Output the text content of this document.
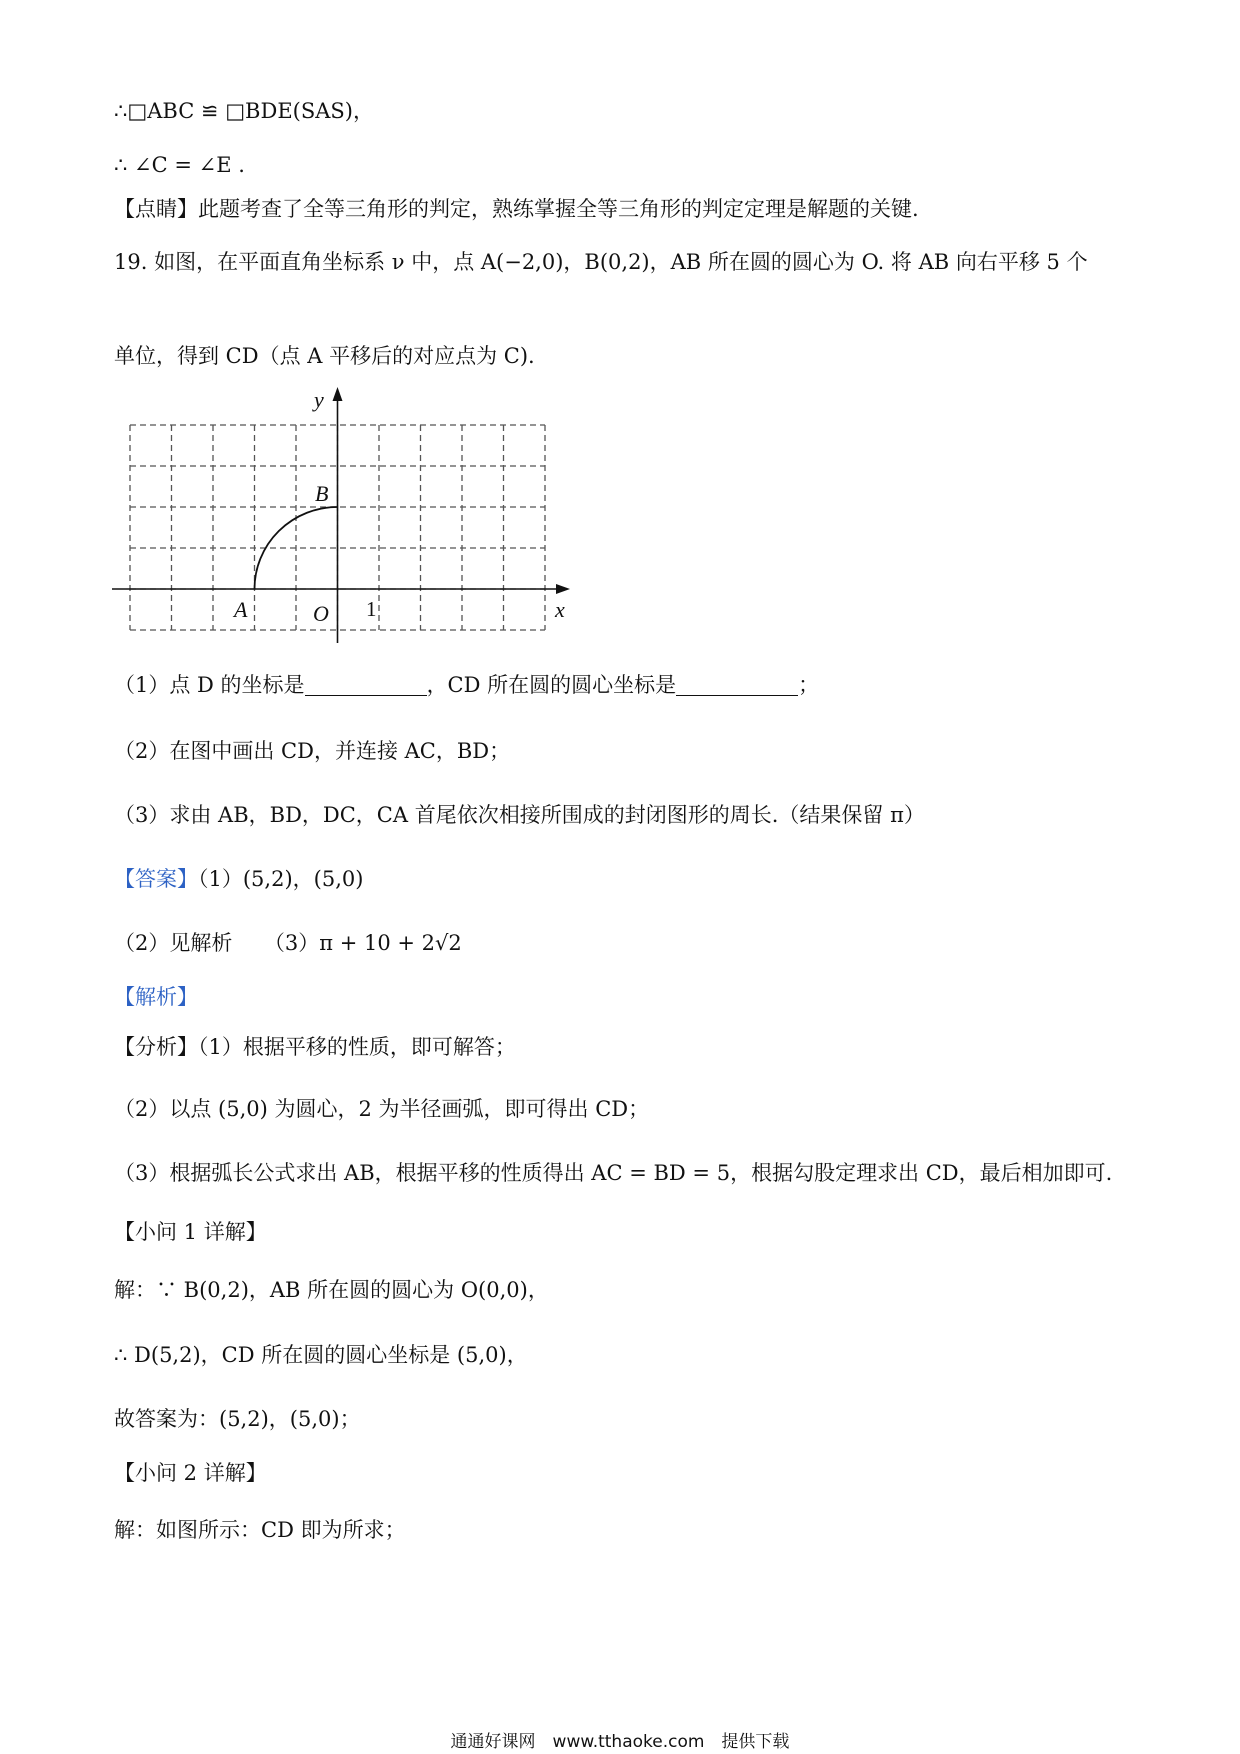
∴□ABC ≌ □BDE(SAS)，
∴ ∠C = ∠E .
【点睛】此题考查了全等三角形的判定，熟练掌握全等三角形的判定定理是解题的关键.
19. 如图，在平面直角坐标系 ν 中，点 A(−2,0)，B(0,2)，AB 所在圆的圆心为 O. 将 AB 向右平移 5 个
单位，得到 CD（点 A 平移后的对应点为 C).
y
x
A
B
O 1
（1）点 D 的坐标是	，CD 所在圆的圆心坐标是	；
（2）在图中画出 CD，并连接 AC，BD；
（3）求由 AB，BD，DC，CA 首尾依次相接所围成的封闭图形的周长.（结果保留 π）
【答案】（1）(5,2)，(5,0)
（2）见解析　　（3）π + 10 + 2√2
【解析】
【分析】（1）根据平移的性质，即可解答；
（2）以点 (5,0) 为圆心，2 为半径画弧，即可得出 CD；
（3）根据弧长公式求出 AB，根据平移的性质得出 AC = BD = 5，根据勾股定理求出 CD，最后相加即可.
【小问 1 详解】
解：∵ B(0,2)，AB 所在圆的圆心为 O(0,0)，
∴ D(5,2)，CD 所在圆的圆心坐标是 (5,0)，
故答案为：(5,2)，(5,0)；
【小问 2 详解】
解：如图所示：CD 即为所求；
通通好课网　www.tthaoke.com　提供下载
